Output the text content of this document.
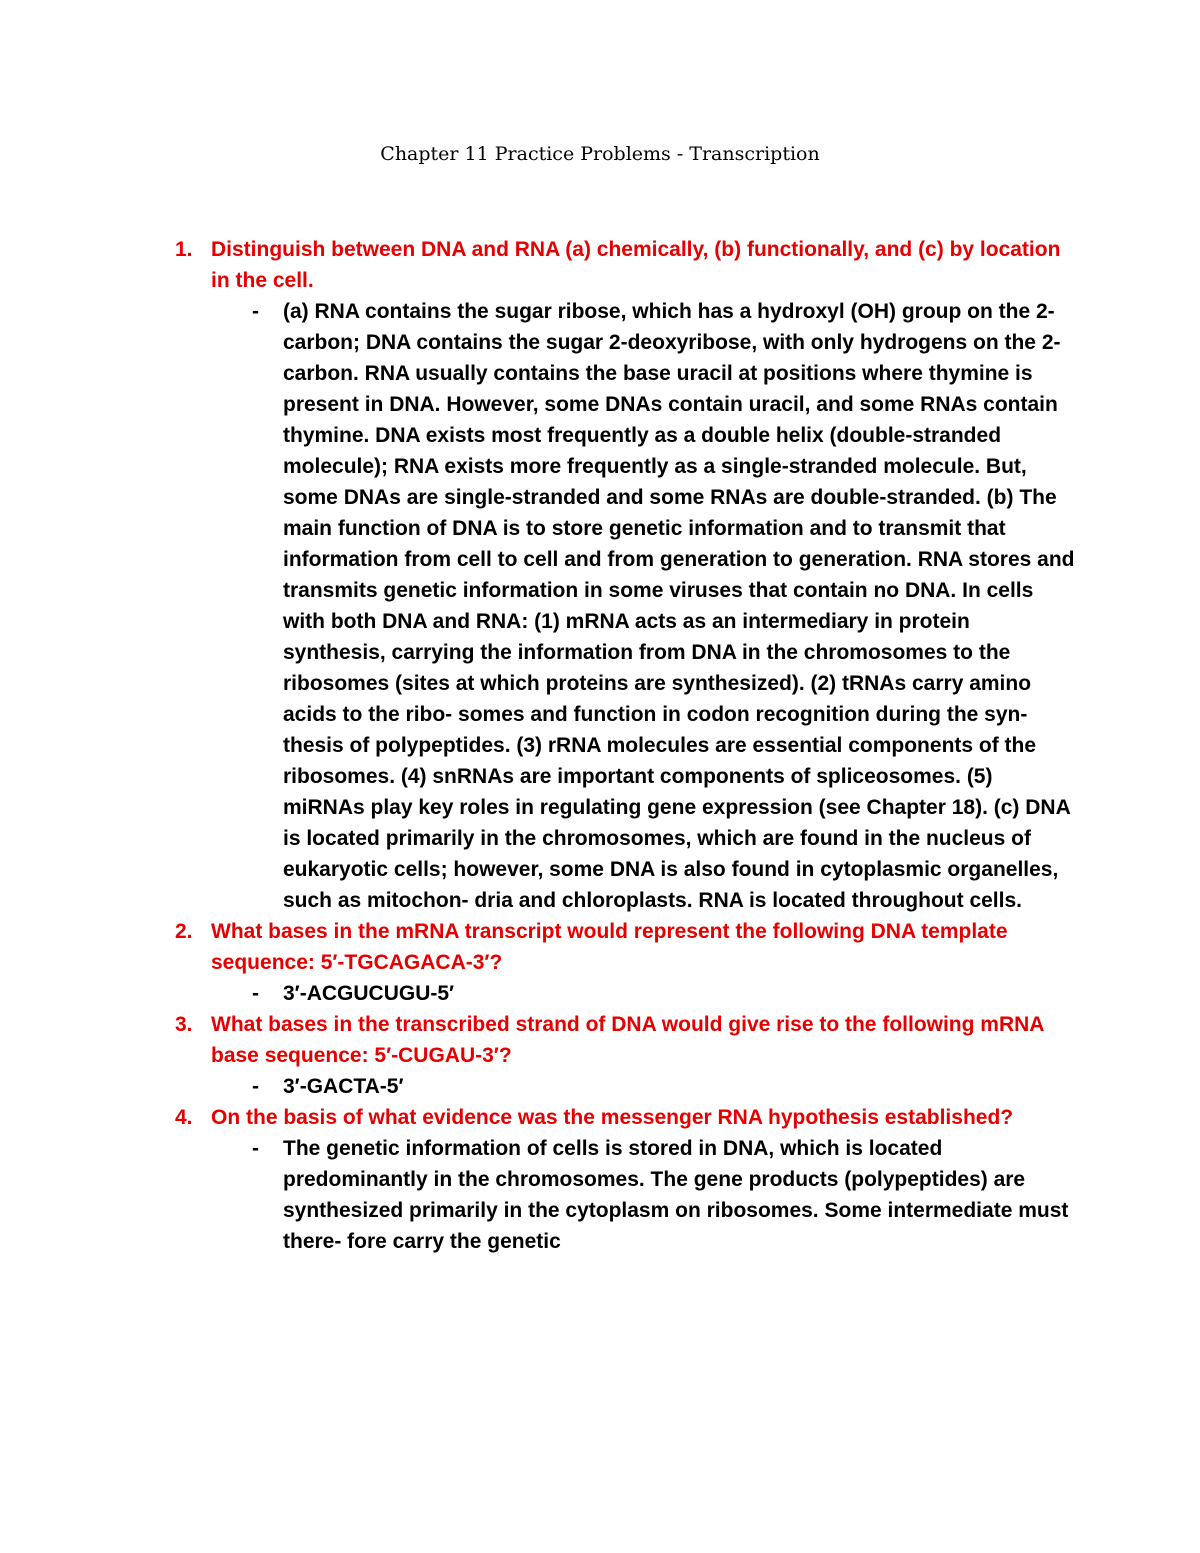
Chapter 11 Practice Problems - Transcription
1. Distinguish between DNA and RNA (a) chemically, (b) functionally, and (c) by location in the cell.
- (a) RNA contains the sugar ribose, which has a hydroxyl (OH) group on the 2-carbon; DNA contains the sugar 2-deoxyribose, with only hydrogens on the 2-carbon. RNA usually contains the base uracil at positions where thymine is present in DNA. However, some DNAs contain uracil, and some RNAs contain thymine. DNA exists most frequently as a double helix (double-stranded molecule); RNA exists more frequently as a single-stranded molecule. But, some DNAs are single-stranded and some RNAs are double-stranded. (b) The main function of DNA is to store genetic information and to transmit that information from cell to cell and from generation to generation. RNA stores and transmits genetic information in some viruses that contain no DNA. In cells with both DNA and RNA: (1) mRNA acts as an intermediary in protein synthesis, carrying the information from DNA in the chromosomes to the ribosomes (sites at which proteins are synthesized). (2) tRNAs carry amino acids to the ribo- somes and function in codon recognition during the syn- thesis of polypeptides. (3) rRNA molecules are essential components of the ribosomes. (4) snRNAs are important components of spliceosomes. (5) miRNAs play key roles in regulating gene expression (see Chapter 18). (c) DNA is located primarily in the chromosomes, which are found in the nucleus of eukaryotic cells; however, some DNA is also found in cytoplasmic organelles, such as mitochon- dria and chloroplasts. RNA is located throughout cells.
2. What bases in the mRNA transcript would represent the following DNA template sequence: 5′-TGCAGACA-3′?
- 3′-ACGUCUGU-5′
3. What bases in the transcribed strand of DNA would give rise to the following mRNA base sequence: 5′-CUGAU-3′?
- 3′-GACTA-5′
4. On the basis of what evidence was the messenger RNA hypothesis established?
- The genetic information of cells is stored in DNA, which is located predominantly in the chromosomes. The gene products (polypeptides) are synthesized primarily in the cytoplasm on ribosomes. Some intermediate must there- fore carry the genetic
